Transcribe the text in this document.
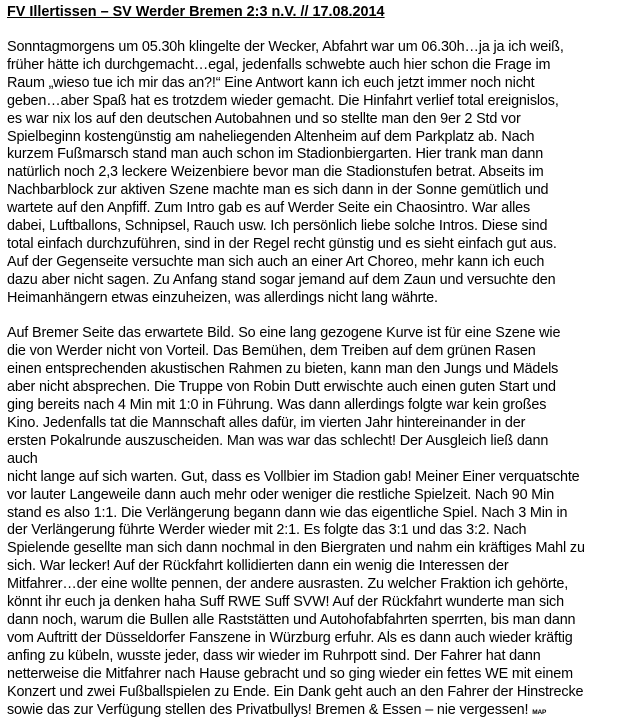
FV Illertissen – SV Werder Bremen 2:3 n.V. // 17.08.2014
Sonntagmorgens um 05.30h klingelte der Wecker, Abfahrt war um 06.30h…ja ja ich weiß,
früher hätte ich durchgemacht…egal, jedenfalls schwebte auch hier schon die Frage im
Raum „wieso tue ich mir das an?!“ Eine Antwort kann ich euch jetzt immer noch nicht
geben…aber Spaß hat es trotzdem wieder gemacht. Die Hinfahrt verlief total ereignislos,
es war nix los auf den deutschen Autobahnen und so stellte man den 9er 2 Std vor
Spielbeginn kostengünstig am naheliegenden Altenheim auf dem Parkplatz ab. Nach
kurzem Fußmarsch stand man auch schon im Stadionbiergarten. Hier trank man dann
natürlich noch 2,3 leckere Weizenbiere bevor man die Stadionstufen betrat. Abseits im
Nachbarblock zur aktiven Szene machte man es sich dann in der Sonne gemütlich und
wartete auf den Anpfiff. Zum Intro gab es auf Werder Seite ein Chaosintro. War alles
dabei, Luftballons, Schnipsel, Rauch usw. Ich persönlich liebe solche Intros. Diese sind
total einfach durchzuführen, sind in der Regel recht günstig und es sieht einfach gut aus.
Auf der Gegenseite versuchte man sich auch an einer Art Choreo, mehr kann ich euch
dazu aber nicht sagen. Zu Anfang stand sogar jemand auf dem Zaun und versuchte den
Heimanhängern etwas einzuheizen, was allerdings nicht lang währte.
Auf Bremer Seite das erwartete Bild. So eine lang gezogene Kurve ist für eine Szene wie
die von Werder nicht von Vorteil. Das Bemühen, dem Treiben auf dem grünen Rasen
einen entsprechenden akustischen Rahmen zu bieten, kann man den Jungs und Mädels
aber nicht absprechen. Die Truppe von Robin Dutt erwischte auch einen guten Start und
ging bereits nach 4 Min mit 1:0 in Führung. Was dann allerdings folgte war kein großes
Kino. Jedenfalls tat die Mannschaft alles dafür, im vierten Jahr hintereinander in der
ersten Pokalrunde auszuscheiden. Man was war das schlecht! Der Ausgleich ließ dann
auch
nicht lange auf sich warten. Gut, dass es Vollbier im Stadion gab! Meiner Einer verquatschte
vor lauter Langeweile dann auch mehr oder weniger die restliche Spielzeit. Nach 90 Min
stand es also 1:1. Die Verlängerung begann dann wie das eigentliche Spiel. Nach 3 Min in
der Verlängerung führte Werder wieder mit 2:1. Es folgte das 3:1 und das 3:2. Nach
Spielende gesellte man sich dann nochmal in den Biergraten und nahm ein kräftiges Mahl zu
sich. War lecker! Auf der Rückfahrt kollidierten dann ein wenig die Interessen der
Mitfahrer…der eine wollte pennen, der andere ausrasten. Zu welcher Fraktion ich gehörte,
könnt ihr euch ja denken haha Suff RWE Suff SVW! Auf der Rückfahrt wunderte man sich
dann noch, warum die Bullen alle Raststätten und Autohofabfahrten sperrten, bis man dann
vom Auftritt der Düsseldorfer Fanszene in Würzburg erfuhr. Als es dann auch wieder kräftig
anfing zu kübeln, wusste jeder, dass wir wieder im Ruhrpott sind. Der Fahrer hat dann
netterweise die Mitfahrer nach Hause gebracht und so ging wieder ein fettes WE mit einem
Konzert und zwei Fußballspielen zu Ende. Ein Dank geht auch an den Fahrer der Hinstrecke
sowie das zur Verfügung stellen des Privatbullys! Bremen & Essen – nie vergessen! MAP
